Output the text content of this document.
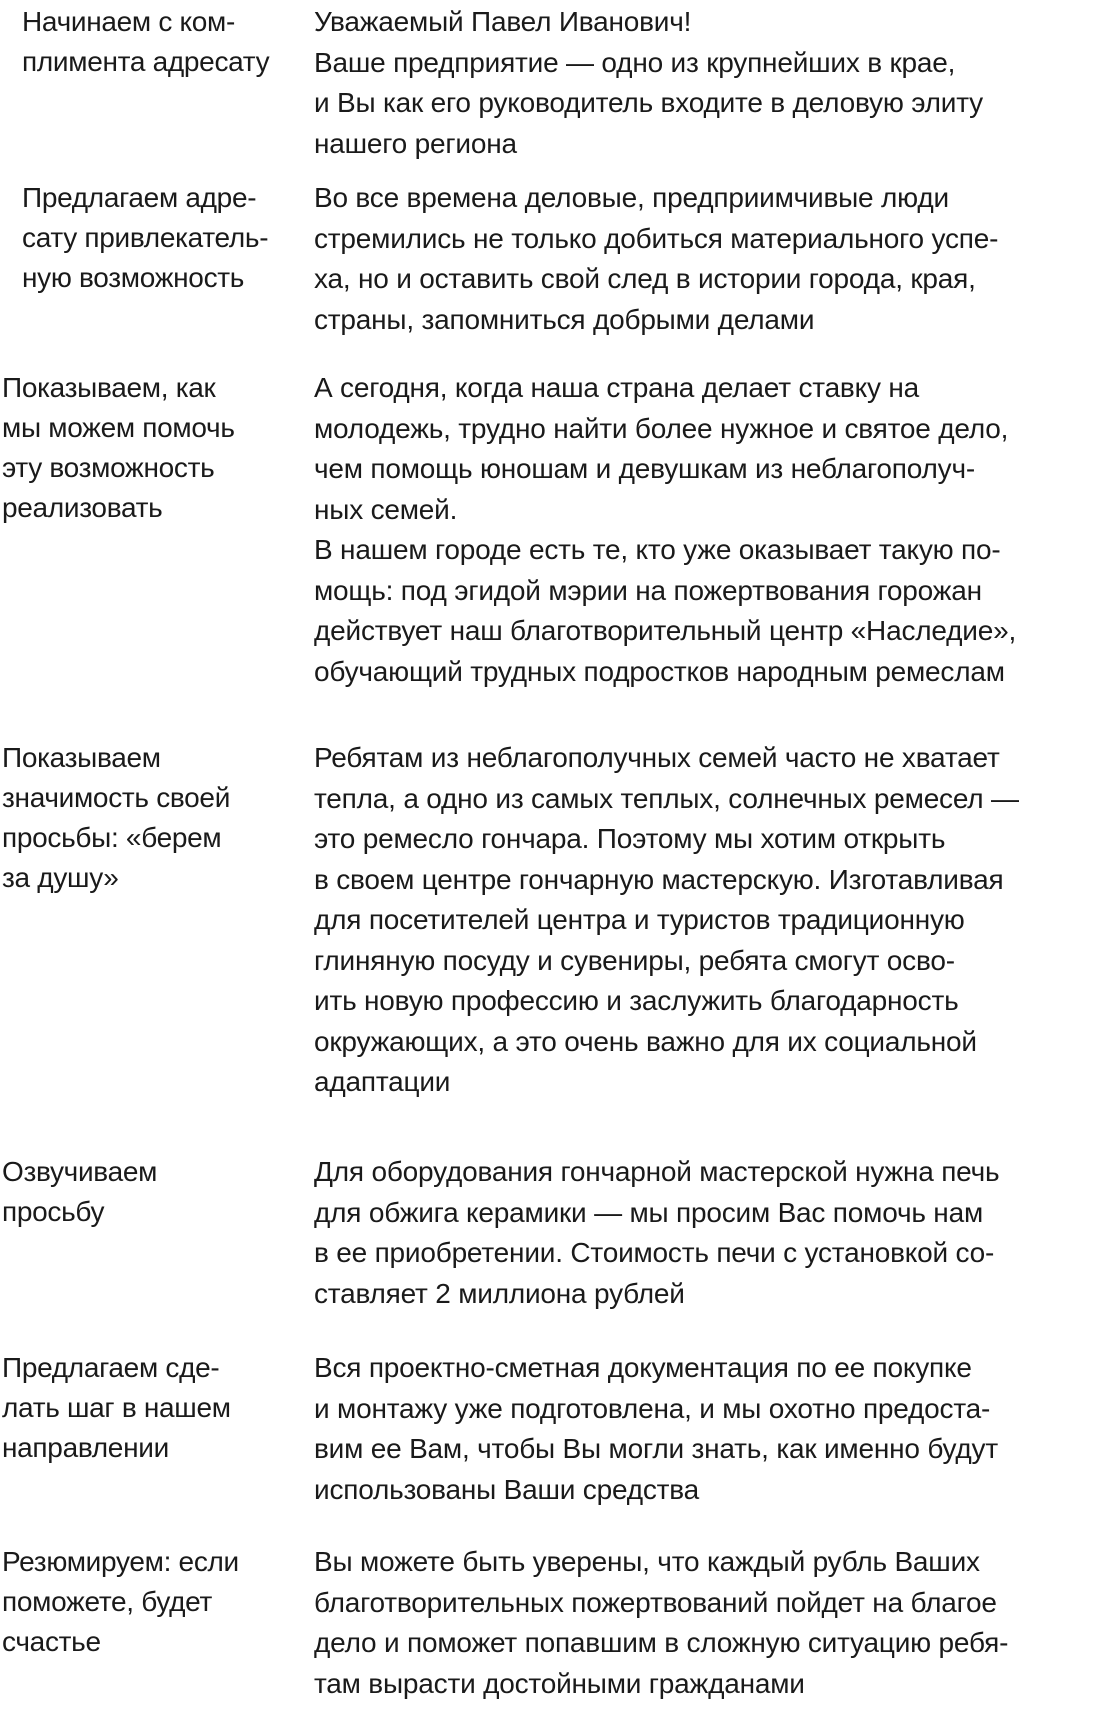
Начинаем с ком-
плимента адресату
Уважаемый Павел Иванович!
Ваше предприятие — одно из крупнейших в крае,
и Вы как его руководитель входите в деловую элиту
нашего региона
Предлагаем адре-
сату привлекатель-
ную возможность
Во все времена деловые, предприимчивые люди
стремились не только добиться материального успе-
ха, но и оставить свой след в истории города, края,
страны, запомниться добрыми делами
Показываем, как
мы можем помочь
эту возможность
реализовать
А сегодня, когда наша страна делает ставку на
молодежь, трудно найти более нужное и святое дело,
чем помощь юношам и девушкам из неблагополуч-
ных семей.
В нашем городе есть те, кто уже оказывает такую по-
мощь: под эгидой мэрии на пожертвования горожан
действует наш благотворительный центр «Наследие»,
обучающий трудных подростков народным ремеслам
Показываем
значимость своей
просьбы: «берем
за душу»
Ребятам из неблагополучных семей часто не хватает
тепла, а одно из самых теплых, солнечных ремесел —
это ремесло гончара. Поэтому мы хотим открыть
в своем центре гончарную мастерскую. Изготавливая
для посетителей центра и туристов традиционную
глиняную посуду и сувениры, ребята смогут осво-
ить новую профессию и заслужить благодарность
окружающих, а это очень важно для их социальной
адаптации
Озвучиваем
просьбу
Для оборудования гончарной мастерской нужна печь
для обжига керамики — мы просим Вас помочь нам
в ее приобретении. Стоимость печи с установкой со-
ставляет 2 миллиона рублей
Предлагаем сде-
лать шаг в нашем
направлении
Вся проектно-сметная документация по ее покупке
и монтажу уже подготовлена, и мы охотно предоста-
вим ее Вам, чтобы Вы могли знать, как именно будут
использованы Ваши средства
Резюмируем: если
поможете, будет
счастье
Вы можете быть уверены, что каждый рубль Ваших
благотворительных пожертвований пойдет на благое
дело и поможет попавшим в сложную ситуацию ребя-
там вырасти достойными гражданами
